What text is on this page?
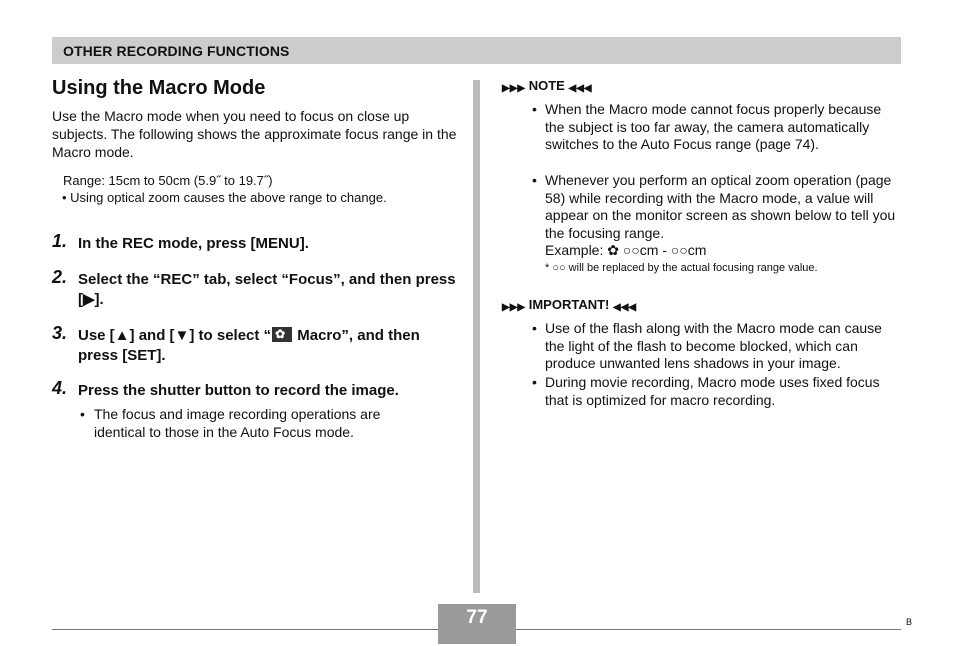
OTHER RECORDING FUNCTIONS
Using the Macro Mode
Use the Macro mode when you need to focus on close up subjects. The following shows the approximate focus range in the Macro mode.
Range: 15cm to 50cm (5.9˝ to 19.7˝)
• Using optical zoom causes the above range to change.
1. In the REC mode, press [MENU].
2. Select the “REC” tab, select “Focus”, and then press [▶].
3. Use [▲] and [▼] to select “ ✿ Macro”, and then press [SET].
4. Press the shutter button to record the image.
• The focus and image recording operations are identical to those in the Auto Focus mode.
▶▶▶ NOTE ◀◀◀
• When the Macro mode cannot focus properly because the subject is too far away, the camera automatically switches to the Auto Focus range (page 74).
• Whenever you perform an optical zoom operation (page 58) while recording with the Macro mode, a value will appear on the monitor screen as shown below to tell you the focusing range.
Example: ✿ ○○cm - ○○cm
* ○○ will be replaced by the actual focusing range value.
▶▶▶ IMPORTANT! ◀◀◀
• Use of the flash along with the Macro mode can cause the light of the flash to become blocked, which can produce unwanted lens shadows in your image.
• During movie recording, Macro mode uses fixed focus that is optimized for macro recording.
77	B
